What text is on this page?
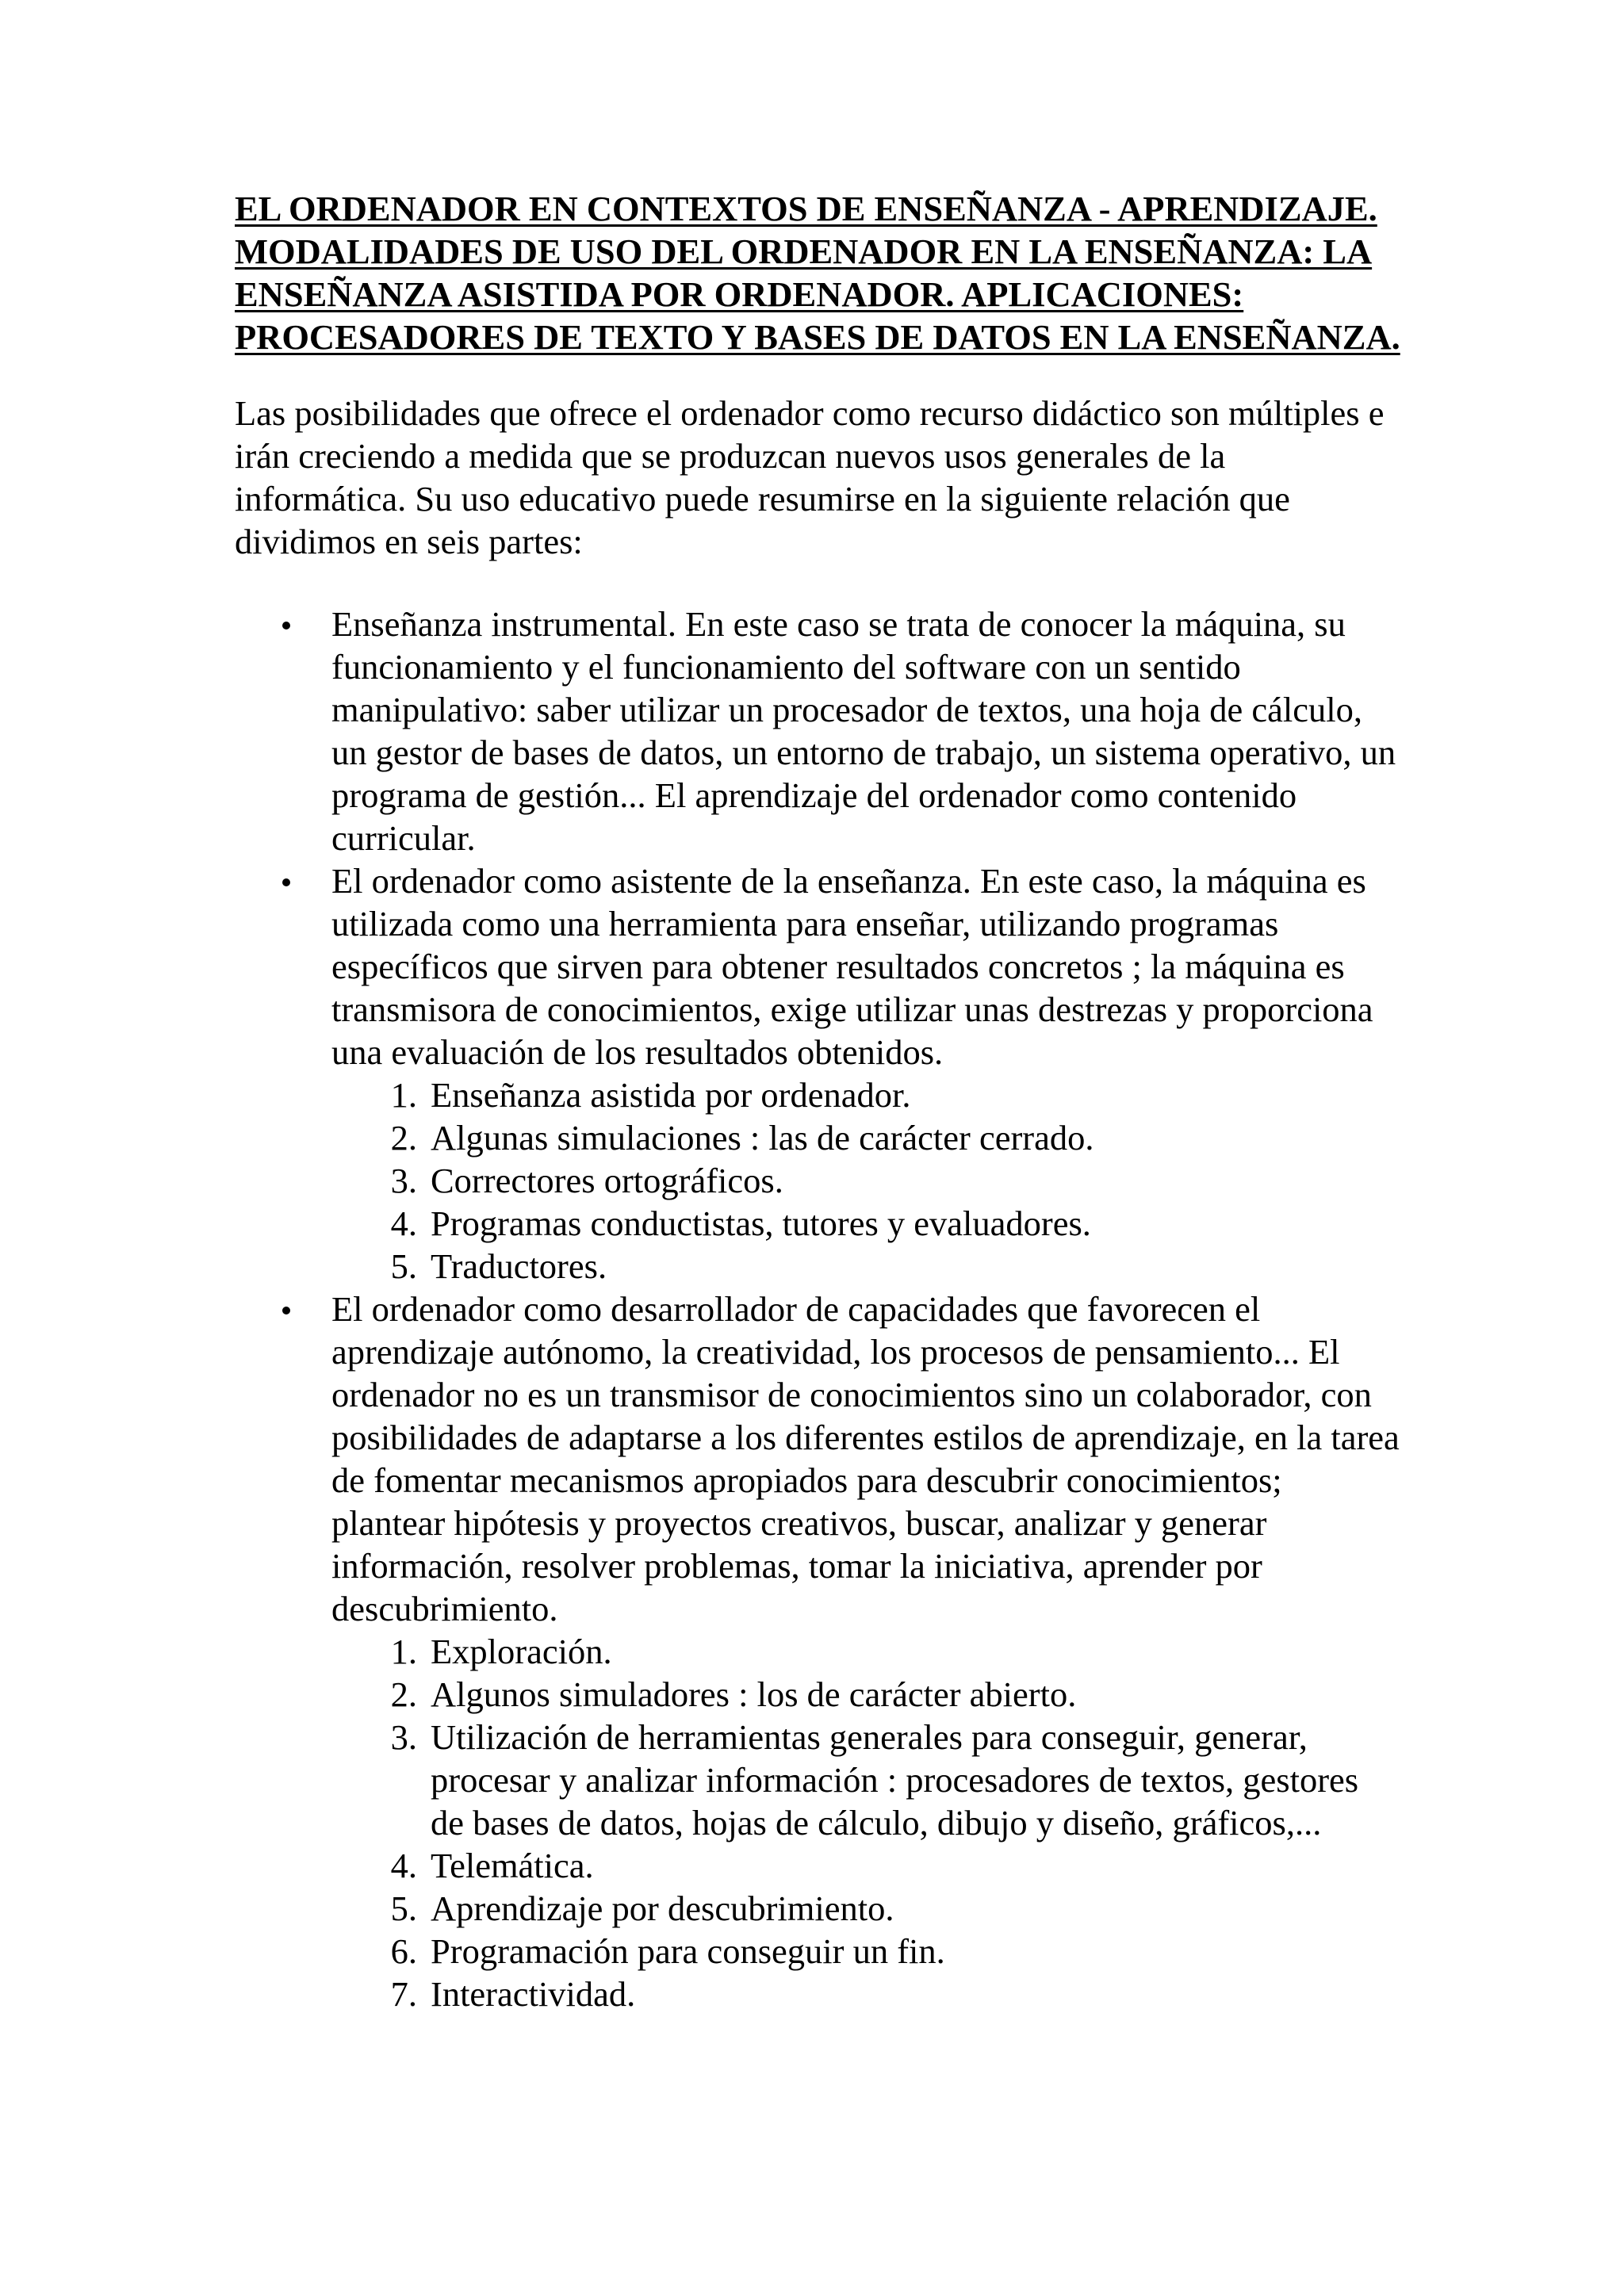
EL ORDENADOR EN CONTEXTOS DE ENSEÑANZA - APRENDIZAJE. MODALIDADES DE USO DEL ORDENADOR EN LA ENSEÑANZA: LA ENSEÑANZA ASISTIDA POR ORDENADOR. APLICACIONES: PROCESADORES DE TEXTO Y BASES DE DATOS EN LA ENSEÑANZA.

Las posibilidades que ofrece el ordenador como recurso didáctico son múltiples e irán creciendo a medida que se produzcan nuevos usos generales de la informática. Su uso educativo puede resumirse en la siguiente relación que dividimos en seis partes:

Enseñanza instrumental. En este caso se trata de conocer la máquina, su funcionamiento y el funcionamiento del software con un sentido manipulativo: saber utilizar un procesador de textos, una hoja de cálculo, un gestor de bases de datos, un entorno de trabajo, un sistema operativo, un programa de gestión... El aprendizaje del ordenador como contenido curricular.
El ordenador como asistente de la enseñanza. En este caso, la máquina es utilizada como una herramienta para enseñar, utilizando programas específicos que sirven para obtener resultados concretos ; la máquina es transmisora de conocimientos, exige utilizar unas destrezas y proporciona una evaluación de los resultados obtenidos.
1. Enseñanza asistida por ordenador.
2. Algunas simulaciones : las de carácter cerrado.
3. Correctores ortográficos.
4. Programas conductistas, tutores y evaluadores.
5. Traductores.
El ordenador como desarrollador de capacidades que favorecen el aprendizaje autónomo, la creatividad, los procesos de pensamiento... El ordenador no es un transmisor de conocimientos sino un colaborador, con posibilidades de adaptarse a los diferentes estilos de aprendizaje, en la tarea de fomentar mecanismos apropiados para descubrir conocimientos; plantear hipótesis y proyectos creativos, buscar, analizar y generar información, resolver problemas, tomar la iniciativa, aprender por descubrimiento.
1. Exploración.
2. Algunos simuladores : los de carácter abierto.
3. Utilización de herramientas generales para conseguir, generar, procesar y analizar información : procesadores de textos, gestores de bases de datos, hojas de cálculo, dibujo y diseño, gráficos,...
4. Telemática.
5. Aprendizaje por descubrimiento.
6. Programación para conseguir un fin.
7. Interactividad.
